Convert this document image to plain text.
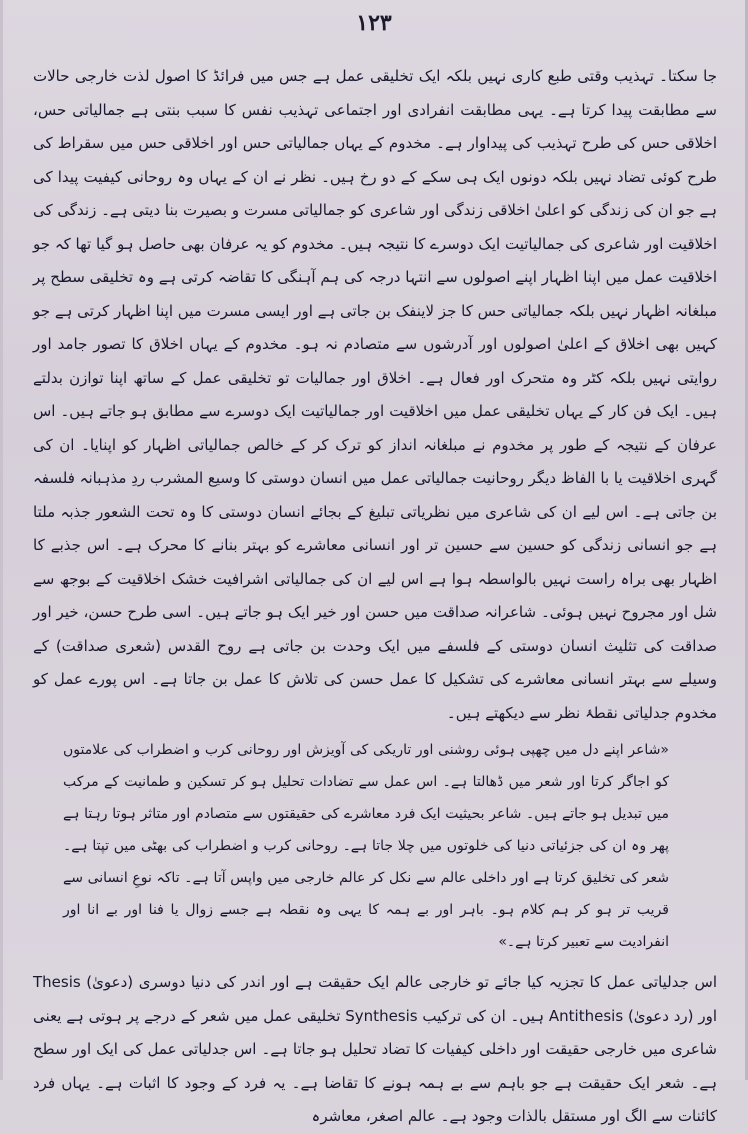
۱۲۳

جا سکتا۔ تہذیب وقتی طبع کاری نہیں بلکہ ایک تخلیقی عمل ہے جس میں فرائڈ کا اصول لذت خارجی حالات سے مطابقت پیدا کرتا ہے۔ یہی مطابقت انفرادی اور اجتماعی تہذیب نفس کا سبب بنتی ہے جمالیاتی حس، اخلاقی حس کی طرح تہذیب کی پیداوار ہے۔ مخدوم کے یہاں جمالیاتی حس اور اخلاقی حس میں سقراط کی طرح کوئی تضاد نہیں بلکہ دونوں ایک ہی سکے کے دو رخ ہیں۔ نظر نے ان کے یہاں وہ روحانی کیفیت پیدا کی ہے جو ان کی زندگی کو اعلیٰ اخلاقی زندگی اور شاعری کو جمالیاتی مسرت و بصیرت بنا دیتی ہے۔ زندگی کی اخلاقیت اور شاعری کی جمالیاتیت ایک دوسرے کا نتیجہ ہیں۔ مخدوم کو یہ عرفان بھی حاصل ہو گیا تھا کہ جو اخلاقیت عمل میں اپنا اظہار اپنے اصولوں سے انتہا درجہ کی ہم آہنگی کا تقاضہ کرتی ہے وہ تخلیقی سطح پر مبلغانہ اظہار نہیں بلکہ جمالیاتی حس کا جز لاینفک بن جاتی ہے اور ایسی مسرت میں اپنا اظہار کرتی ہے جو کہیں بھی اخلاق کے اعلیٰ اصولوں اور آدرشوں سے متصادم نہ ہو۔ مخدوم کے یہاں اخلاق کا تصور جامد اور روایتی نہیں بلکہ کٹر وہ متحرک اور فعال ہے۔ اخلاق اور جمالیات تو تخلیقی عمل کے ساتھ اپنا توازن بدلتے ہیں۔ ایک فن کار کے یہاں تخلیقی عمل میں اخلاقیت اور جمالیاتیت ایک دوسرے سے مطابق ہو جاتے ہیں۔ اس عرفان کے نتیجہ کے طور پر مخدوم نے مبلغانہ انداز کو ترک کر کے خالص جمالیاتی اظہار کو اپنایا۔ ان کی گہری اخلاقیت یا با الفاظ دیگر روحانیت جمالیاتی عمل میں انسان دوستی کا وسیع المشرب ردِ مذہبانہ فلسفہ بن جاتی ہے۔ اس لیے ان کی شاعری میں نظریاتی تبلیغ کے بجائے انسان دوستی کا وہ تحت الشعور جذبہ ملتا ہے جو انسانی زندگی کو حسین سے حسین تر اور انسانی معاشرے کو بہتر بنانے کا محرک ہے۔ اس جذبے کا اظہار بھی براہ راست نہیں بالواسطہ ہوا ہے اس لیے ان کی جمالیاتی اشرافیت خشک اخلاقیت کے بوجھ سے شل اور مجروح نہیں ہوئی۔ شاعرانہ صداقت میں حسن اور خیر ایک ہو جاتے ہیں۔ اسی طرح حسن، خیر اور صداقت کی تثلیث انسان دوستی کے فلسفے میں ایک وحدت بن جاتی ہے روح القدس (شعری صداقت) کے وسیلے سے بہتر انسانی معاشرے کی تشکیل کا عمل حسن کی تلاش کا عمل بن جاتا ہے۔ اس پورے عمل کو مخدوم جدلیاتی نقطۂ نظر سے دیکھتے ہیں۔

«شاعر اپنے دل میں چھپی ہوئی روشنی اور تاریکی کی آویزش اور روحانی کرب و اضطراب کی علامتوں کو اجاگر کرتا اور شعر میں ڈھالتا ہے۔ اس عمل سے تضادات تحلیل ہو کر تسکین و طمانیت کے مرکب میں تبدیل ہو جاتے ہیں۔ شاعر بحیثیت ایک فرد معاشرے کی حقیقتوں سے متصادم اور متاثر ہوتا رہتا ہے پھر وہ ان کی جزئیاتی دنیا کی خلوتوں میں چلا جاتا ہے۔ روحانی کرب و اضطراب کی بھٹی میں تپتا ہے۔ شعر کی تخلیق کرتا ہے اور داخلی عالم سے نکل کر عالم خارجی میں واپس آتا ہے۔ تاکہ نوعِ انسانی سے قریب تر ہو کر ہم کلام ہو۔ باہر اور بے ہمہ کا یہی وہ نقطہ ہے جسے زوال یا فنا اور بے انا اور انفرادیت سے تعبیر کرتا ہے۔»

اس جدلیاتی عمل کا تجزیہ کیا جائے تو خارجی عالم ایک حقیقت ہے اور اندر کی دنیا دوسری (دعویٰ) Thesis اور (رد دعویٰ) Antithesis ہیں۔ ان کی ترکیب Synthesis تخلیقی عمل میں شعر کے درجے پر ہوتی ہے یعنی شاعری میں خارجی حقیقت اور داخلی کیفیات کا تضاد تحلیل ہو جاتا ہے۔ اس جدلیاتی عمل کی ایک اور سطح ہے۔ شعر ایک حقیقت ہے جو باہم سے بے ہمہ ہونے کا تقاضا ہے۔ یہ فرد کے وجود کا اثبات ہے۔ یہاں فرد کائنات سے الگ اور مستقل بالذات وجود ہے۔ عالم اصغر، معاشرہ
